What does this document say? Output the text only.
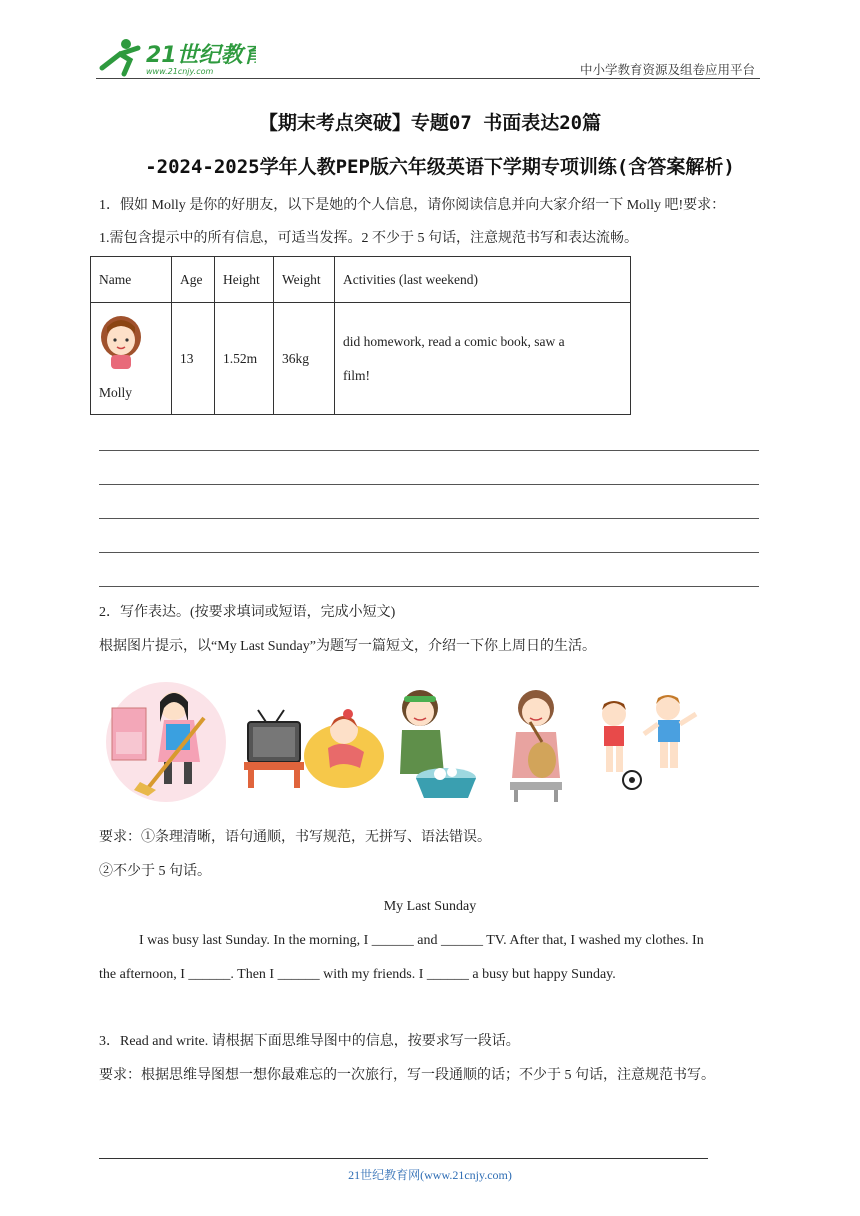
21世纪教育
www.21cnjy.com	中小学教育资源及组卷应用平台
【期末考点突破】专题07 书面表达20篇
-2024-2025学年人教PEP版六年级英语下学期专项训练(含答案解析)
1．假如 Molly 是你的好朋友，以下是她的个人信息，请你阅读信息并向大家介绍一下 Molly 吧!要求：
1.需包含提示中的所有信息，可适当发挥。2 不少于 5 句话，注意规范书写和表达流畅。
Name	Age	Height	Weight	Activities (last weekend)

Molly	13	1.52m	36kg	did homework, read a comic book, saw a
film!
2．写作表达。(按要求填词或短语，完成小短文)
根据图片提示，以“My Last Sunday”为题写一篇短文，介绍一下你上周日的生活。
要求：①条理清晰，语句通顺，书写规范，无拼写、语法错误。
②不少于 5 句话。
My Last Sunday
I was busy last Sunday. In the morning, I ______ and ______ TV. After that, I washed my clothes. In
the afternoon, I ______. Then I ______ with my friends. I ______ a busy but happy Sunday.
3．Read and write. 请根据下面思维导图中的信息，按要求写一段话。
要求：根据思维导图想一想你最难忘的一次旅行，写一段通顺的话；不少于 5 句话，注意规范书写。
21世纪教育网(www.21cnjy.com)
